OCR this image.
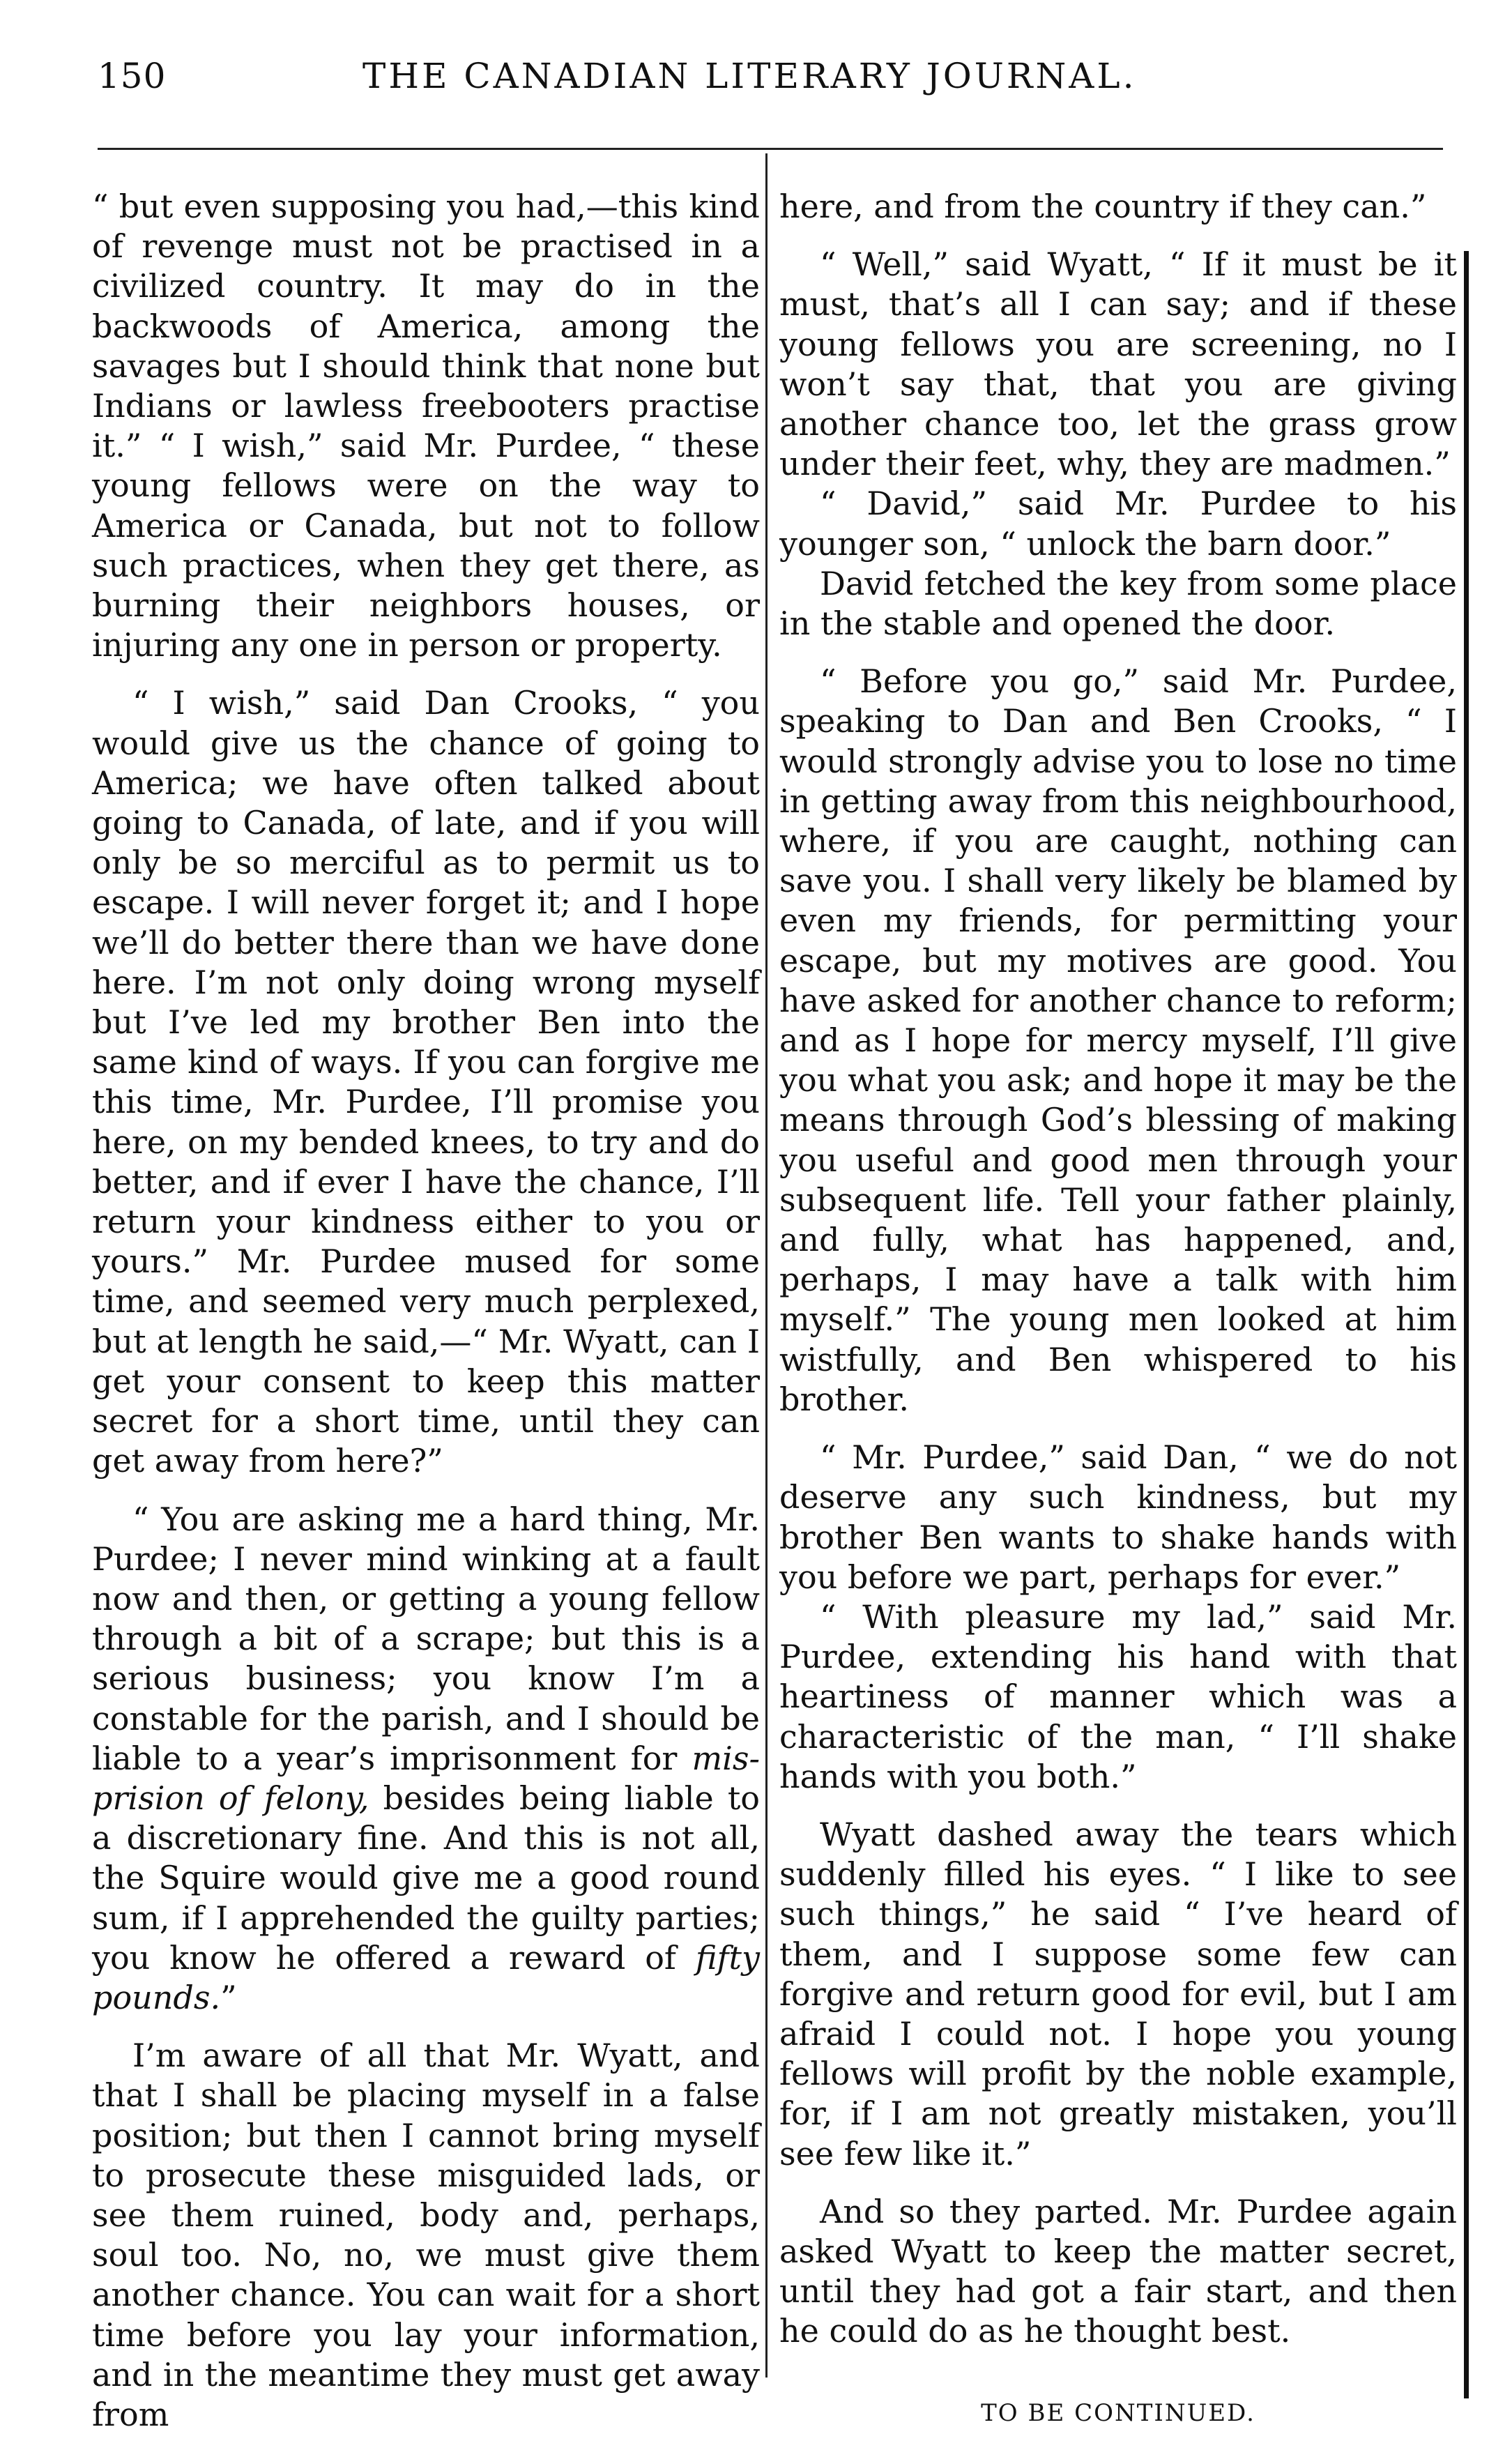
150	THE CANADIAN LITERARY JOURNAL.

“ but even supposing you had,—this kind of revenge must not be practised in a civilized country. It may do in the backwoods of America, among the savages but I should think that none but Indians or lawless freebooters practise it.” “ I wish,” said Mr. Purdee, “ these young fellows were on the way to America or Canada, but not to follow such practices, when they get there, as burning their neighbors houses, or injuring any one in person or property.

“ I wish,” said Dan Crooks, “ you would give us the chance of going to America; we have often talked about going to Canada, of late, and if you will only be so merciful as to permit us to escape. I will never forget it; and I hope we’ll do better there than we have done here. I’m not only doing wrong myself but I’ve led my brother Ben into the same kind of ways. If you can forgive me this time, Mr. Purdee, I’ll promise you here, on my bended knees, to try and do better, and if ever I have the chance, I’ll return your kindness either to you or yours.” Mr. Purdee mused for some time, and seemed very much perplexed, but at length he said,—“ Mr. Wyatt, can I get your consent to keep this matter secret for a short time, until they can get away from here?”

“ You are asking me a hard thing, Mr. Purdee; I never mind winking at a fault now and then, or getting a young fellow through a bit of a scrape; but this is a serious business; you know I’m a constable for the parish, and I should be liable to a year’s imprisonment for mis-prision of felony, besides being liable to a discretionary fine. And this is not all, the Squire would give me a good round sum, if I apprehended the guilty parties; you know he offered a reward of fifty pounds.”

I’m aware of all that Mr. Wyatt, and that I shall be placing myself in a false position; but then I cannot bring myself to prosecute these misguided lads, or see them ruined, body and, perhaps, soul too. No, no, we must give them another chance. You can wait for a short time before you lay your information, and in the meantime they must get away from

here, and from the country if they can.”

“ Well,” said Wyatt, “ If it must be it must, that’s all I can say; and if these young fellows you are screening, no I won’t say that, that you are giving another chance too, let the grass grow under their feet, why, they are madmen.”

“ David,” said Mr. Purdee to his younger son, “ unlock the barn door.”

David fetched the key from some place in the stable and opened the door.

“ Before you go,” said Mr. Purdee, speaking to Dan and Ben Crooks, “ I would strongly advise you to lose no time in getting away from this neighbourhood, where, if you are caught, nothing can save you. I shall very likely be blamed by even my friends, for permitting your escape, but my motives are good. You have asked for another chance to reform; and as I hope for mercy myself, I’ll give you what you ask; and hope it may be the means through God’s blessing of making you useful and good men through your subsequent life. Tell your father plainly, and fully, what has happened, and, perhaps, I may have a talk with him myself.” The young men looked at him wistfully, and Ben whispered to his brother.

“ Mr. Purdee,” said Dan, “ we do not deserve any such kindness, but my brother Ben wants to shake hands with you before we part, perhaps for ever.”

“ With pleasure my lad,” said Mr. Purdee, extending his hand with that heartiness of manner which was a characteristic of the man, “ I’ll shake hands with you both.”

Wyatt dashed away the tears which suddenly filled his eyes. “ I like to see such things,” he said “ I’ve heard of them, and I suppose some few can forgive and return good for evil, but I am afraid I could not. I hope you young fellows will profit by the noble example, for, if I am not greatly mistaken, you’ll see few like it.”

And so they parted. Mr. Purdee again asked Wyatt to keep the matter secret, until they had got a fair start, and then he could do as he thought best.

TO BE CONTINUED.
